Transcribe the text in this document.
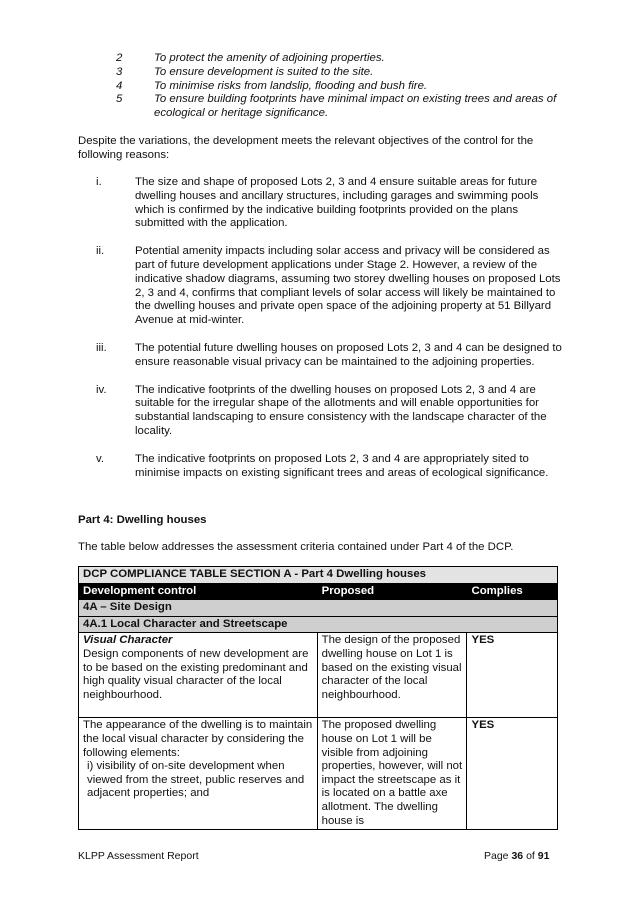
2	To protect the amenity of adjoining properties.
3	To ensure development is suited to the site.
4	To minimise risks from landslip, flooding and bush fire.
5	To ensure building footprints have minimal impact on existing trees and areas of ecological or heritage significance.
Despite the variations, the development meets the relevant objectives of the control for the following reasons:
i.	The size and shape of proposed Lots 2, 3 and 4 ensure suitable areas for future dwelling houses and ancillary structures, including garages and swimming pools which is confirmed by the indicative building footprints provided on the plans submitted with the application.
ii.	Potential amenity impacts including solar access and privacy will be considered as part of future development applications under Stage 2. However, a review of the indicative shadow diagrams, assuming two storey dwelling houses on proposed Lots 2, 3 and 4, confirms that compliant levels of solar access will likely be maintained to the dwelling houses and private open space of the adjoining property at 51 Billyard Avenue at mid-winter.
iii.	The potential future dwelling houses on proposed Lots 2, 3 and 4 can be designed to ensure reasonable visual privacy can be maintained to the adjoining properties.
iv.	The indicative footprints of the dwelling houses on proposed Lots 2, 3 and 4 are suitable for the irregular shape of the allotments and will enable opportunities for substantial landscaping to ensure consistency with the landscape character of the locality.
v.	The indicative footprints on proposed Lots 2, 3 and 4 are appropriately sited to minimise impacts on existing significant trees and areas of ecological significance.
Part 4: Dwelling houses
The table below addresses the assessment criteria contained under Part 4 of the DCP.
DCP COMPLIANCE TABLE SECTION A - Part 4 Dwelling houses		
Development control	Proposed	Complies
4A – Site Design		
4A.1 Local Character and Streetscape		

Visual Character
Design components of new development are to be based on the existing predominant and high quality visual character of the local neighbourhood.	The design of the proposed dwelling house on Lot 1 is based on the existing visual character of the local neighbourhood.	YES
The appearance of the dwelling is to maintain the local visual character by considering the following elements:
i) visibility of on-site development when viewed from the street, public reserves and adjacent properties; and	The proposed dwelling house on Lot 1 will be visible from adjoining properties, however, will not impact the streetscape as it is located on a battle axe allotment. The dwelling house is	YES
KLPP Assessment Report	Page 36 of 91
